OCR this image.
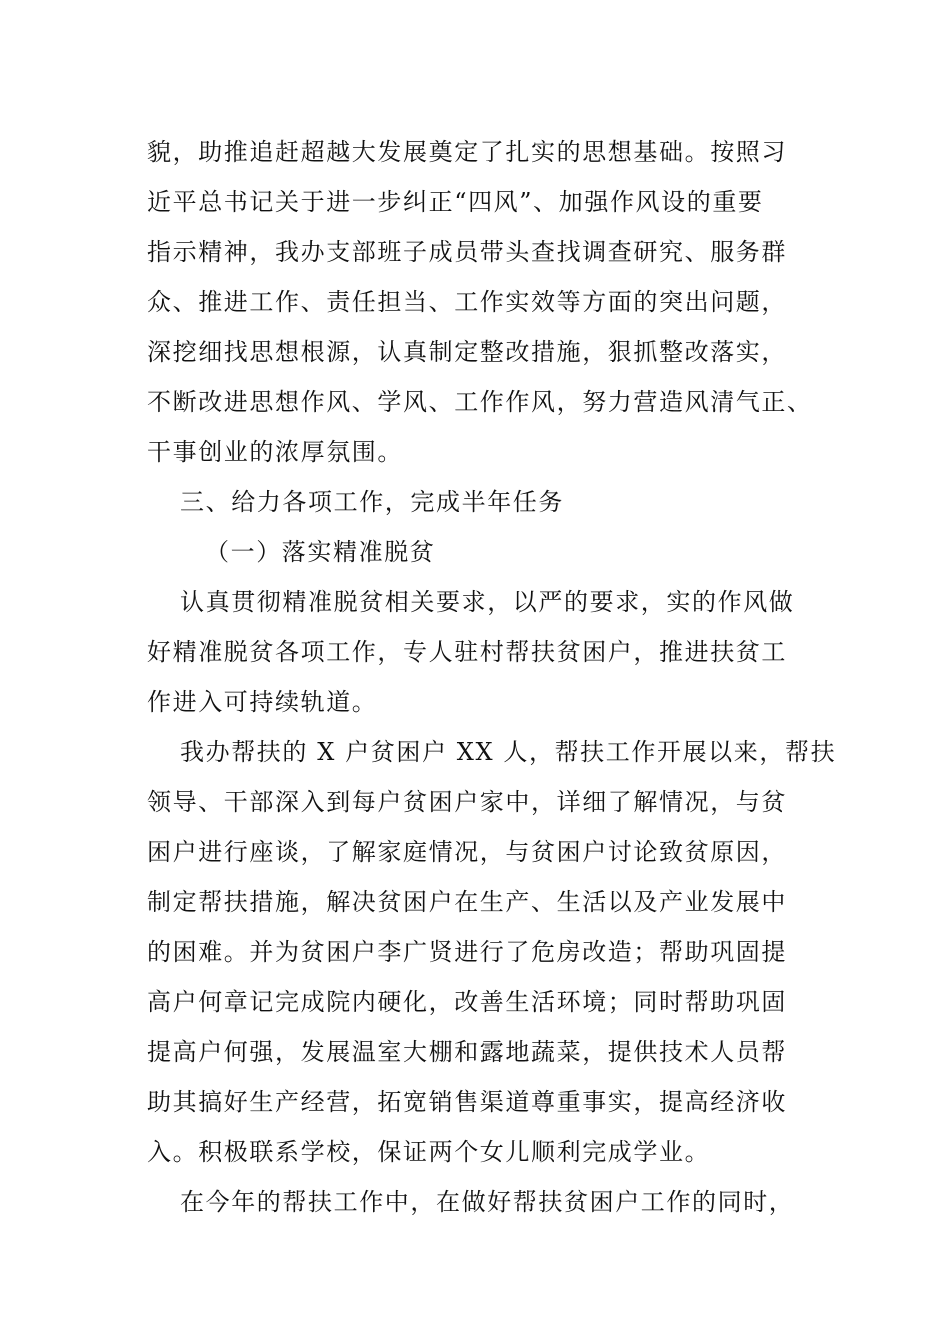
貌，助推追赶超越大发展奠定了扎实的思想基础。按照习
近平总书记关于进一步纠正“四风”、加强作风设的重要
指示精神，我办支部班子成员带头查找调查研究、服务群
众、推进工作、责任担当、工作实效等方面的突出问题，
深挖细找思想根源，认真制定整改措施，狠抓整改落实，
不断改进思想作风、学风、工作作风，努力营造风清气正、
干事创业的浓厚氛围。
三、给力各项工作，完成半年任务
（一）落实精准脱贫
认真贯彻精准脱贫相关要求，以严的要求，实的作风做
好精准脱贫各项工作，专人驻村帮扶贫困户，推进扶贫工
作进入可持续轨道。
我办帮扶的 X 户贫困户 XX 人，帮扶工作开展以来，帮扶
领导、干部深入到每户贫困户家中，详细了解情况，与贫
困户进行座谈，了解家庭情况，与贫困户讨论致贫原因，
制定帮扶措施，解决贫困户在生产、生活以及产业发展中
的困难。并为贫困户李广贤进行了危房改造；帮助巩固提
高户何章记完成院内硬化，改善生活环境；同时帮助巩固
提高户何强，发展温室大棚和露地蔬菜，提供技术人员帮
助其搞好生产经营，拓宽销售渠道尊重事实，提高经济收
入。积极联系学校，保证两个女儿顺利完成学业。
在今年的帮扶工作中，在做好帮扶贫困户工作的同时，
